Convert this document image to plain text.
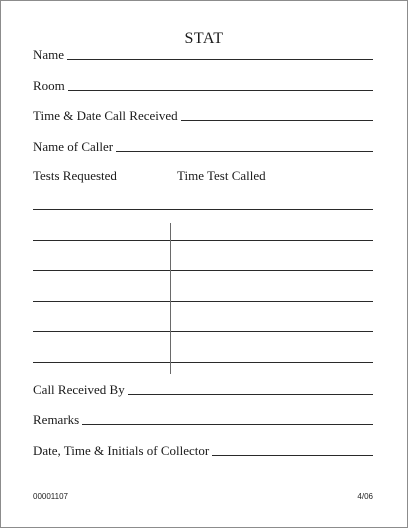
STAT
Name
Room
Time & Date Call Received
Name of Caller
Tests Requested	Time Test Called
Call Received By
Remarks
Date, Time & Initials of Collector
00001107	4/06
